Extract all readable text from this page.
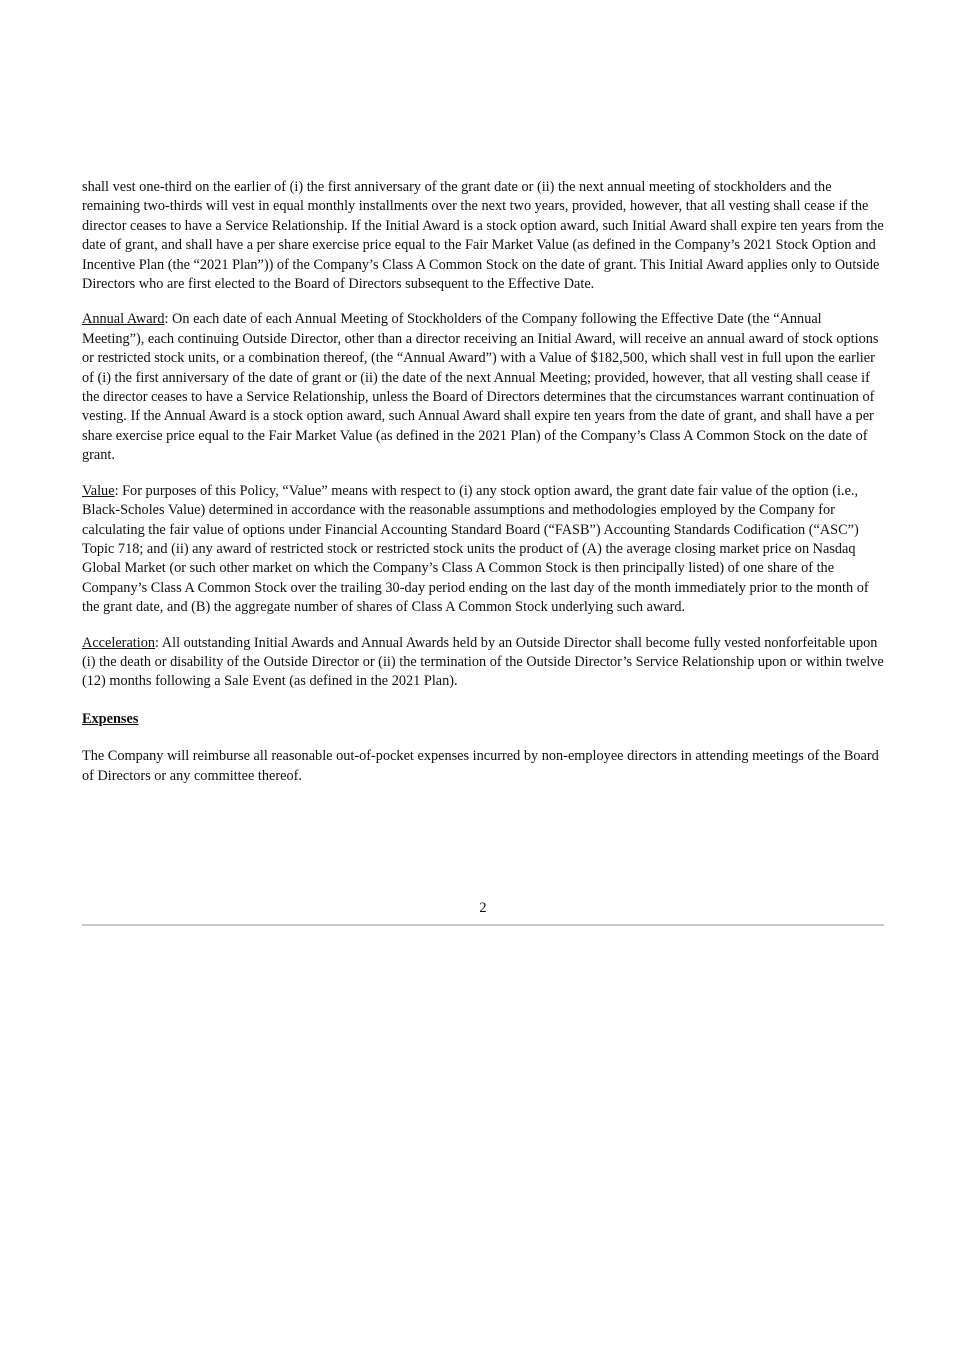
shall vest one-third on the earlier of (i) the first anniversary of the grant date or (ii) the next annual meeting of stockholders and the remaining two-thirds will vest in equal monthly installments over the next two years, provided, however, that all vesting shall cease if the director ceases to have a Service Relationship. If the Initial Award is a stock option award, such Initial Award shall expire ten years from the date of grant, and shall have a per share exercise price equal to the Fair Market Value (as defined in the Company’s 2021 Stock Option and Incentive Plan (the “2021 Plan”)) of the Company’s Class A Common Stock on the date of grant. This Initial Award applies only to Outside Directors who are first elected to the Board of Directors subsequent to the Effective Date.

Annual Award: On each date of each Annual Meeting of Stockholders of the Company following the Effective Date (the “Annual Meeting”), each continuing Outside Director, other than a director receiving an Initial Award, will receive an annual award of stock options or restricted stock units, or a combination thereof, (the “Annual Award”) with a Value of $182,500, which shall vest in full upon the earlier of (i) the first anniversary of the date of grant or (ii) the date of the next Annual Meeting; provided, however, that all vesting shall cease if the director ceases to have a Service Relationship, unless the Board of Directors determines that the circumstances warrant continuation of vesting. If the Annual Award is a stock option award, such Annual Award shall expire ten years from the date of grant, and shall have a per share exercise price equal to the Fair Market Value (as defined in the 2021 Plan) of the Company’s Class A Common Stock on the date of grant.

Value: For purposes of this Policy, “Value” means with respect to (i) any stock option award, the grant date fair value of the option (i.e., Black-Scholes Value) determined in accordance with the reasonable assumptions and methodologies employed by the Company for calculating the fair value of options under Financial Accounting Standard Board (“FASB”) Accounting Standards Codification (“ASC”) Topic 718; and (ii) any award of restricted stock or restricted stock units the product of (A) the average closing market price on Nasdaq Global Market (or such other market on which the Company’s Class A Common Stock is then principally listed) of one share of the Company’s Class A Common Stock over the trailing 30-day period ending on the last day of the month immediately prior to the month of the grant date, and (B) the aggregate number of shares of Class A Common Stock underlying such award.

Acceleration: All outstanding Initial Awards and Annual Awards held by an Outside Director shall become fully vested nonforfeitable upon (i) the death or disability of the Outside Director or (ii) the termination of the Outside Director’s Service Relationship upon or within twelve (12) months following a Sale Event (as defined in the 2021 Plan).

Expenses

The Company will reimburse all reasonable out-of-pocket expenses incurred by non-employee directors in attending meetings of the Board of Directors or any committee thereof.

2
